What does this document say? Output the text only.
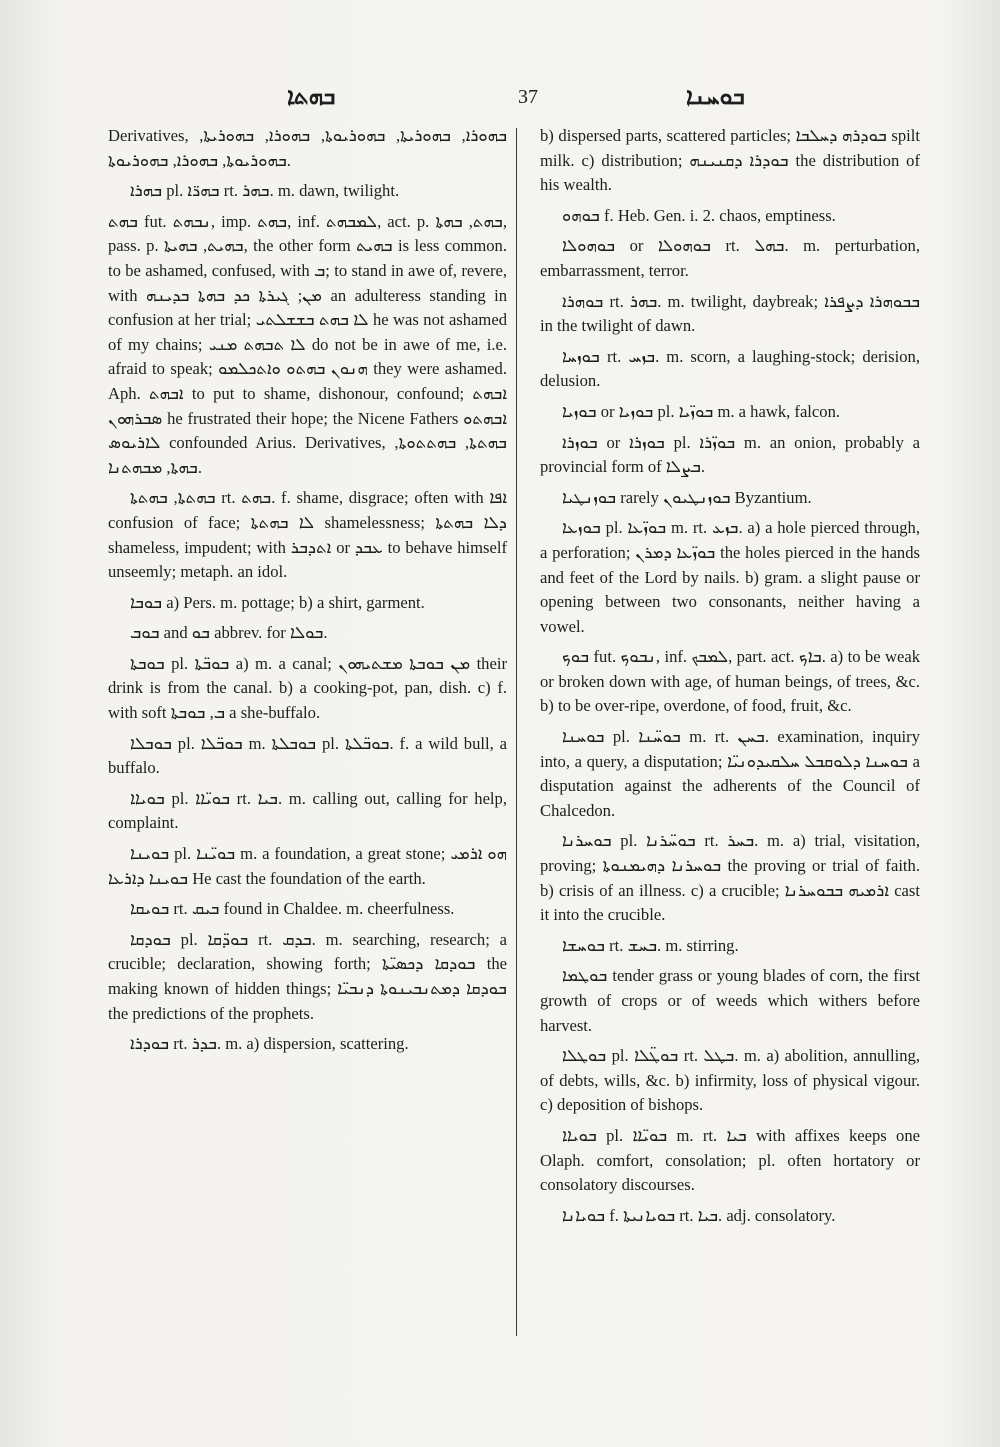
ܒܗܬܐ	37	ܒܘܚܢܐ

Derivatives, ܒܗܘܪܐ, ܒܗܘܪܝܬܐ, ܒܗܘܪܝܘܬܐ, ܒܗܘܪܐ, ܒܗܘܪܝܬܐ, ܒܗܘܪܝܘܬܐ, ܒܗܘܪܐ, ܒܗܘܪܝܘܬܐ.

ܒܗܪܐ pl. ܒܗܪ̈ܐ rt. ܒܗܪ. m. dawn, twilight.

ܒܗܬ fut. ܢܒܗܬ, imp. ܒܗܬ, inf. ܠܡܒܗܬ, act. p. ܒܗܬ, ܒܗܬܐ, pass. p. ܒܗܝܬ, ܒܗܝܬܐ, the other form ܒܗܝܬ is less common. to be ashamed, confused, with ܒ; to stand in awe of, revere, with ܡܢ; ܓܝܪܬܐ ܟܕ ܒܗܬܐ ܒܕܝܢܗ an adulteress standing in confusion at her trial; ܠܐ ܒܗܬ ܒܫܫܠܬܝ he was not ashamed of my chains; ܠܐ ܬܒܗܬ ܡܢܝ do not be in awe of me, i.e. afraid to speak; ܗܢܘܢ ܒܗܬܘ ܘܐܬܟܠܡܘ they were ashamed. Aph. ܐܒܗܬ to put to shame, dishonour, confound; ܐܒܗܬ ܣܒܪܗܘܢ he frustrated their hope; the Nicene Fathers ܐܒܗܬܘ ܠܐܪܝܘܣ confounded Arius. Derivatives, ܒܗܬܬܐ, ܒܗܬܬܘܬܐ, ܒܗܬܐ, ܡܒܗܬܢܐ.

ܒܗܬܬܐ, ܒܗܬܬܐ rt. ܒܗܬ. f. shame, disgrace; often with ܐܦܐ confusion of face; ܠܐ ܒܗܬܬܐ shamelessness; ܕܠܐ ܒܗܬܬܐ shameless, impudent; with ܐܬܕܒܪ or ܥܒܕ to behave himself unseemly; metaph. an idol.

ܒܘܒܐ a) Pers. m. pottage; b) a shirt, garment.

ܒܘܒ and ܒܘ abbrev. for ܒܘܠܐ.

ܒܘܒܬܐ pl. ܒܘܒ̈ܬܐ a) m. a canal; ܡܢ ܒܘܒܬܐ ܡܫܬܝܗܘܢ their drink is from the canal. b) a cooking-pot, pan, dish. c) f. with soft ܒ, ܒܘܒܬܐ a she-buffalo.

ܒܘܒܠܐ pl. ܒܘܒ̈ܠܐ m. ܒܘܒܠܬܐ pl. ܒܘܒ̈ܠܬܐ. f. a wild bull, a buffalo.

ܒܘܝܐܐ pl. ܒܘܝ̈ܐܐ rt. ܒܝܐ. m. calling out, calling for help, complaint.

ܒܘܝܢܐ pl. ܒܘܝ̈ܢܐ m. a foundation, a great stone; ܗܘ ܐܪܡܝ ܒܘܝܢܐ ܕܐܪܥܐ He cast the foundation of the earth.

ܒܘܝܩܐ rt. ܒܝܩ found in Chaldee. m. cheerfulness.

ܒܘܕܩܐ pl. ܒܘܕ̈ܩܐ rt. ܒܕܩ. m. searching, research; a crucible; declaration, showing forth; ܒܘܕܩܐ ܕܟܣܝ̈ܬܐ the making known of hidden things; ܒܘܕܩܐ ܕܡܬܢܒܝܢܘܬܐ ܕܢܒܝ̈ܐ the predictions of the prophets.

ܒܘܕܪܐ rt. ܒܕܪ. m. a) dispersion, scattering.

b) dispersed parts, scattered particles; ܒܘܕܪܗ ܕܚܠܒܐ spilt milk. c) distribution; ܒܘܕܪܐ ܕܩܢܝܢܗ the distribution of his wealth.

ܒܘܗܘ f. Heb. Gen. i. 2. chaos, emptiness.

ܒܘܗܘܠܐ or ܒܘܗܘܠܐ rt. ܒܗܠ. m. perturbation, embarrassment, terror.

ܒܘܗܪܐ rt. ܒܗܪ. m. twilight, daybreak; ܒܒܘܗܪܐ ܕܨܦܪܐ in the twilight of dawn.

ܒܘܙܚܐ rt. ܒܙܚ. m. scorn, a laughing-stock; derision, delusion.

ܒܘܙܝܐ or ܒܘܙܝܐ pl. ܒܘܙ̈ܝܐ m. a hawk, falcon.

ܒܘܙܪܐ or ܒܘܙܪܐ pl. ܒܘܙ̈ܪܐ m. an onion, probably a provincial form of ܒܨܠܐ.

ܒܘܙܢܛܝܐ rarely ܒܘܙܢܛܝܘܢ Byzantium.

ܒܘܙܥܐ pl. ܒܘܙ̈ܥܐ m. rt. ܒܙܥ. a) a hole pierced through, a perforation; ܒܘܙ̈ܥܐ ܕܡܪܢ the holes pierced in the hands and feet of the Lord by nails. b) gram. a slight pause or opening between two consonants, neither having a vowel.

ܒܘܟ fut. ܢܒܘܟ, inf. ܠܡܒܟ, part. act. ܒܐܟ. a) to be weak or broken down with age, of human beings, of trees, &c. b) to be over-ripe, overdone, of food, fruit, &c.

ܒܘܚܢܐ pl. ܒܘܚ̈ܢܐ m. rt. ܒܚܢ. examination, inquiry into, a query, a disputation; ܒܘܚܢܐ ܕܠܘܩܒܠ ܚܠܩܝܕܘܢܝ̈ܐ a disputation against the adherents of the Council of Chalcedon.

ܒܘܚܪܢܐ pl. ܒܘܚ̈ܪܢܐ rt. ܒܚܪ. m. a) trial, visitation, proving; ܒܘܚܪܢܐ ܕܗܝܡܢܘܬܐ the proving or trial of faith. b) crisis of an illness. c) a crucible; ܐܪܡܝܗ ܒܒܘܚܪܢܐ cast it into the crucible.

ܒܘܚܫܐ rt. ܒܚܫ. m. stirring.

ܒܘܛܡܐ tender grass or young blades of corn, the first growth of crops or of weeds which withers before harvest.

ܒܘܛܠܐ pl. ܒܘܛ̈ܠܐ rt. ܒܛܠ. m. a) abolition, annulling, of debts, wills, &c. b) infirmity, loss of physical vigour. c) deposition of bishops.

ܒܘܝܐܐ pl. ܒܘܝ̈ܐܐ m. rt. ܒܝܐ with affixes keeps one Olaph. comfort, consolation; pl. often hortatory or consolatory discourses.

ܒܘܝܐܢܐ f. ܒܘܝܐܢܝܬܐ rt. ܒܝܐ. adj. consolatory.
